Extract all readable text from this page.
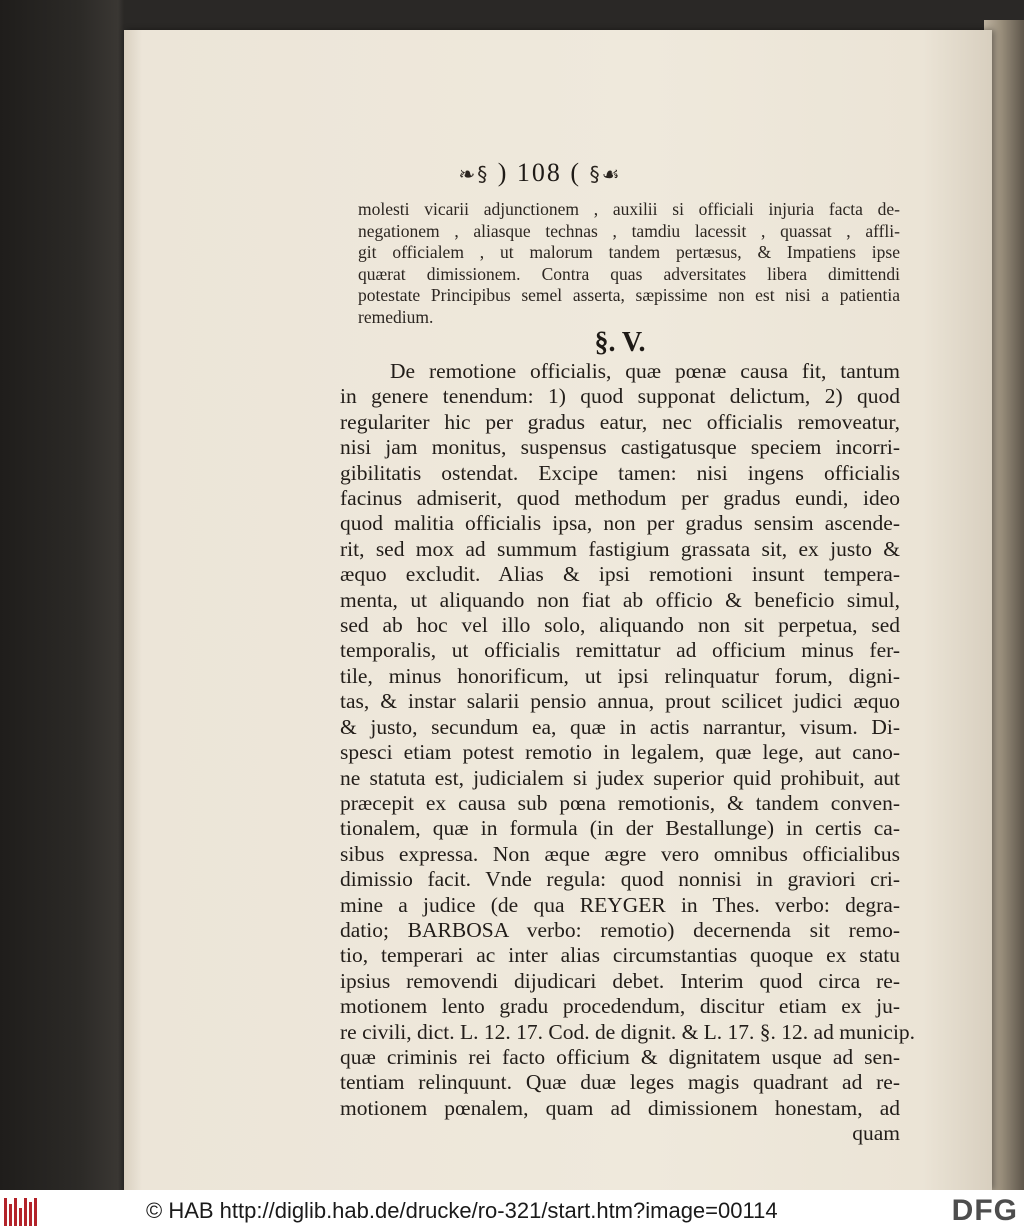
❧§ ) 108 ( §☙
molesti vicarii adjunctionem , auxilii si officiali injuria facta de-
negationem , aliasque technas , tamdiu lacessit , quassat , affli-
git officialem , ut malorum tandem pertæsus, & Impatiens ipse
quærat dimissionem. Contra quas adversitates libera dimittendi
potestate Principibus semel asserta, sæpissime non est nisi a patientia
remedium.
§. V.
De remotione officialis, quæ pœnæ causa fit, tantum
in genere tenendum: 1) quod supponat delictum, 2) quod
regulariter hic per gradus eatur, nec officialis removeatur,
nisi jam monitus, suspensus castigatusque speciem incorri-
gibilitatis ostendat. Excipe tamen: nisi ingens officialis
facinus admiserit, quod methodum per gradus eundi, ideo
quod malitia officialis ipsa, non per gradus sensim ascende-
rit, sed mox ad summum fastigium grassata sit, ex justo &
æquo excludit. Alias & ipsi remotioni insunt tempera-
menta, ut aliquando non fiat ab officio & beneficio simul,
sed ab hoc vel illo solo, aliquando non sit perpetua, sed
temporalis, ut officialis remittatur ad officium minus fer-
tile, minus honorificum, ut ipsi relinquatur forum, digni-
tas, & instar salarii pensio annua, prout scilicet judici æquo
& justo, secundum ea, quæ in actis narrantur, visum. Di-
spesci etiam potest remotio in legalem, quæ lege, aut cano-
ne statuta est, judicialem si judex superior quid prohibuit, aut
præcepit ex causa sub pœna remotionis, & tandem conven-
tionalem, quæ in formula (in der Bestallunge) in certis ca-
sibus expressa. Non æque ægre vero omnibus officialibus
dimissio facit. Vnde regula: quod nonnisi in graviori cri-
mine a judice (de qua REYGER in Thes. verbo: degra-
datio; BARBOSA verbo: remotio) decernenda sit remo-
tio, temperari ac inter alias circumstantias quoque ex statu
ipsius removendi dijudicari debet. Interim quod circa re-
motionem lento gradu procedendum, discitur etiam ex ju-
re civili, dict. L. 12. 17. Cod. de dignit. & L. 17. §. 12. ad municip.
quæ criminis rei facto officium & dignitatem usque ad sen-
tentiam relinquunt. Quæ duæ leges magis quadrant ad re-
motionem pœnalem, quam ad dimissionem honestam, ad
quam
© HAB http://diglib.hab.de/drucke/ro-321/start.htm?image=00114	DFG
